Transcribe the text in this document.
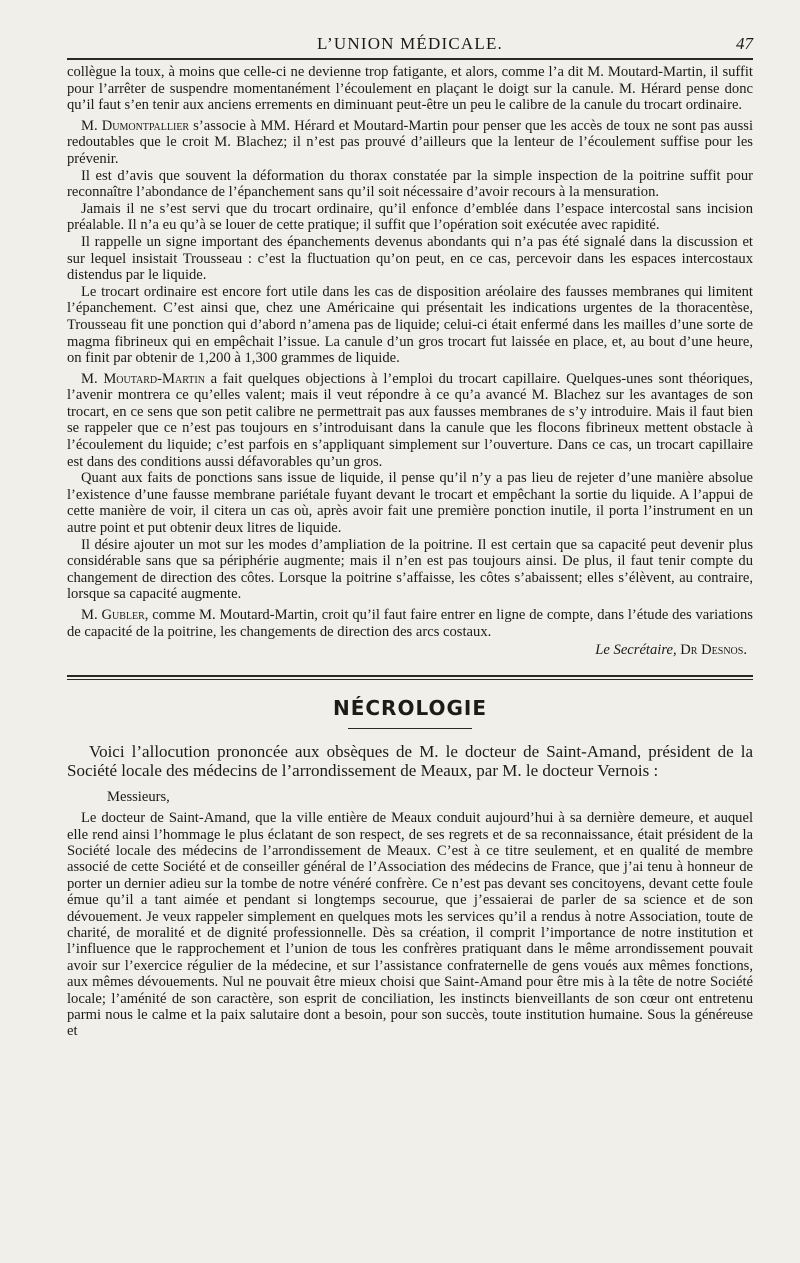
L’UNION MÉDICALE.	47

collègue la toux, à moins que celle-ci ne devienne trop fatigante, et alors, comme l’a dit M. Moutard-Martin, il suffit pour l’arrêter de suspendre momentanément l’écoulement en plaçant le doigt sur la canule. M. Hérard pense donc qu’il faut s’en tenir aux anciens errements en diminuant peut-être un peu le calibre de la canule du trocart ordinaire.

M. Dumontpallier s’associe à MM. Hérard et Moutard-Martin pour penser que les accès de toux ne sont pas aussi redoutables que le croit M. Blachez; il n’est pas prouvé d’ailleurs que la lenteur de l’écoulement suffise pour les prévenir.

Il est d’avis que souvent la déformation du thorax constatée par la simple inspection de la poitrine suffit pour reconnaître l’abondance de l’épanchement sans qu’il soit nécessaire d’avoir recours à la mensuration.

Jamais il ne s’est servi que du trocart ordinaire, qu’il enfonce d’emblée dans l’espace intercostal sans incision préalable. Il n’a eu qu’à se louer de cette pratique; il suffit que l’opération soit exécutée avec rapidité.

Il rappelle un signe important des épanchements devenus abondants qui n’a pas été signalé dans la discussion et sur lequel insistait Trousseau : c’est la fluctuation qu’on peut, en ce cas, percevoir dans les espaces intercostaux distendus par le liquide.

Le trocart ordinaire est encore fort utile dans les cas de disposition aréolaire des fausses membranes qui limitent l’épanchement. C’est ainsi que, chez une Américaine qui présentait les indications urgentes de la thoracentèse, Trousseau fit une ponction qui d’abord n’amena pas de liquide; celui-ci était enfermé dans les mailles d’une sorte de magma fibrineux qui en empêchait l’issue. La canule d’un gros trocart fut laissée en place, et, au bout d’une heure, on finit par obtenir de 1,200 à 1,300 grammes de liquide.

M. Moutard-Martin a fait quelques objections à l’emploi du trocart capillaire. Quelques-unes sont théoriques, l’avenir montrera ce qu’elles valent; mais il veut répondre à ce qu’a avancé M. Blachez sur les avantages de son trocart, en ce sens que son petit calibre ne permettrait pas aux fausses membranes de s’y introduire. Mais il faut bien se rappeler que ce n’est pas toujours en s’introduisant dans la canule que les flocons fibrineux mettent obstacle à l’écoulement du liquide; c’est parfois en s’appliquant simplement sur l’ouverture. Dans ce cas, un trocart capillaire est dans des conditions aussi défavorables qu’un gros.

Quant aux faits de ponctions sans issue de liquide, il pense qu’il n’y a pas lieu de rejeter d’une manière absolue l’existence d’une fausse membrane pariétale fuyant devant le trocart et empêchant la sortie du liquide. A l’appui de cette manière de voir, il citera un cas où, après avoir fait une première ponction inutile, il porta l’instrument en un autre point et put obtenir deux litres de liquide.

Il désire ajouter un mot sur les modes d’ampliation de la poitrine. Il est certain que sa capacité peut devenir plus considérable sans que sa périphérie augmente; mais il n’en est pas toujours ainsi. De plus, il faut tenir compte du changement de direction des côtes. Lorsque la poitrine s’affaisse, les côtes s’abaissent; elles s’élèvent, au contraire, lorsque sa capacité augmente.

M. Gubler, comme M. Moutard-Martin, croit qu’il faut faire entrer en ligne de compte, dans l’étude des variations de capacité de la poitrine, les changements de direction des arcs costaux.

Le Secrétaire, Dr Desnos.
NÉCROLOGIE

Voici l’allocution prononcée aux obsèques de M. le docteur de Saint-Amand, président de la Société locale des médecins de l’arrondissement de Meaux, par M. le docteur Vernois :

Messieurs,

Le docteur de Saint-Amand, que la ville entière de Meaux conduit aujourd’hui à sa dernière demeure, et auquel elle rend ainsi l’hommage le plus éclatant de son respect, de ses regrets et de sa reconnaissance, était président de la Société locale des médecins de l’arrondissement de Meaux. C’est à ce titre seulement, et en qualité de membre associé de cette Société et de conseiller général de l’Association des médecins de France, que j’ai tenu à honneur de porter un dernier adieu sur la tombe de notre vénéré confrère. Ce n’est pas devant ses concitoyens, devant cette foule émue qu’il a tant aimée et pendant si longtemps secourue, que j’essaierai de parler de sa science et de son dévouement. Je veux rappeler simplement en quelques mots les services qu’il a rendus à notre Association, toute de charité, de moralité et de dignité professionnelle. Dès sa création, il comprit l’importance de notre institution et l’influence que le rapprochement et l’union de tous les confrères pratiquant dans le même arrondissement pouvait avoir sur l’exercice régulier de la médecine, et sur l’assistance confraternelle de gens voués aux mêmes fonctions, aux mêmes dévouements. Nul ne pouvait être mieux choisi que Saint-Amand pour être mis à la tête de notre Société locale; l’aménité de son caractère, son esprit de conciliation, les instincts bienveillants de son cœur ont entretenu parmi nous le calme et la paix salutaire dont a besoin, pour son succès, toute institution humaine. Sous la généreuse et
